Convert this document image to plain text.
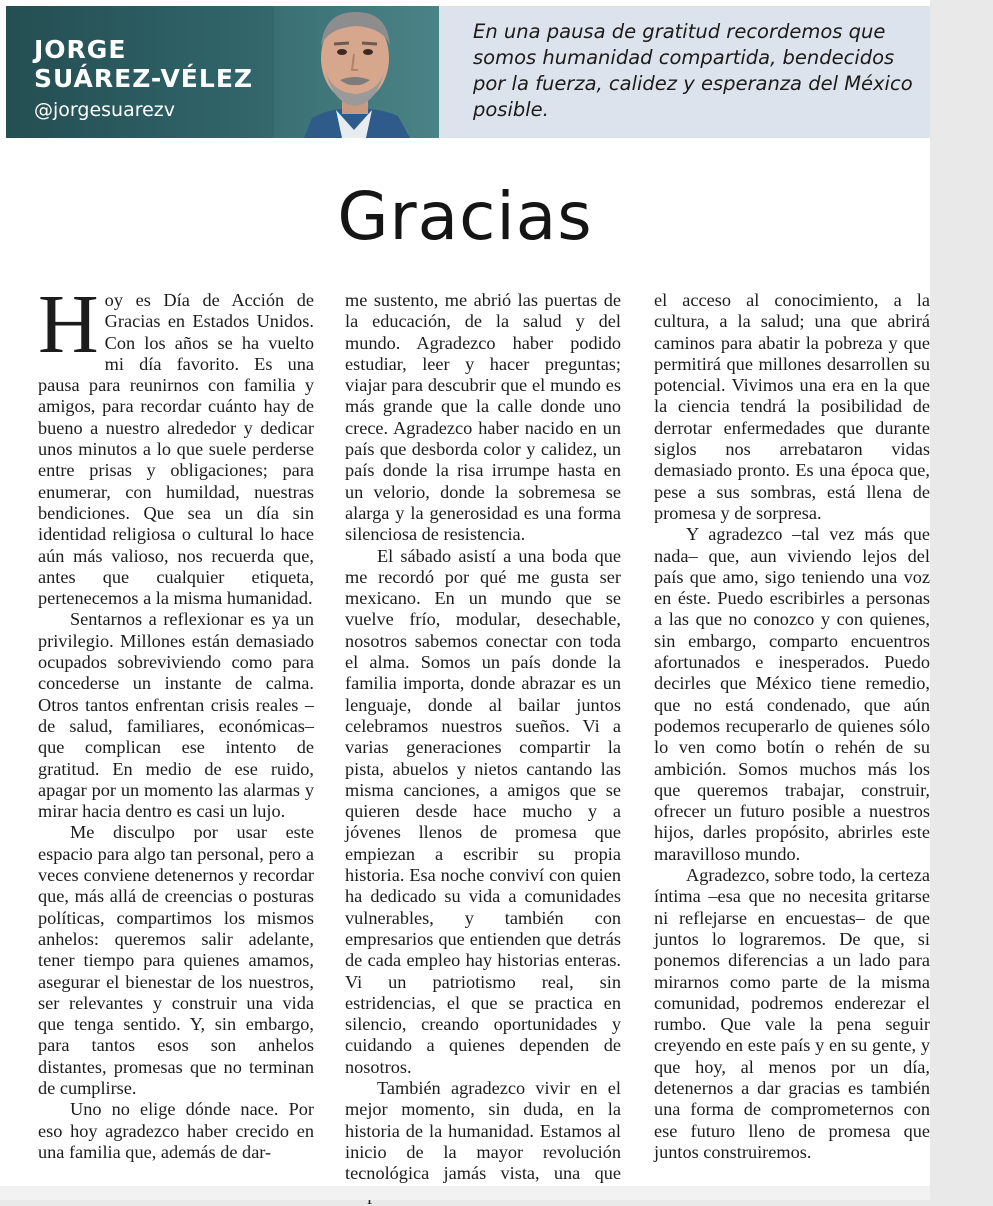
JORGE
SUÁREZ-VÉLEZ
@jorgesuarezv

En una pausa de gratitud recordemos que somos humanidad compartida, bendecidos por la fuerza, calidez y esperanza del México posible.

Gracias

Hoy es Día de Acción de Gracias en Estados Unidos. Con los años se ha vuelto mi día favorito. Es una pausa para reunirnos con familia y amigos, para recordar cuánto hay de bueno a nuestro alrededor y dedicar unos minutos a lo que suele perderse entre prisas y obligaciones; para enumerar, con humildad, nuestras bendiciones. Que sea un día sin identidad religiosa o cultural lo hace aún más valioso, nos recuerda que, antes que cualquier etiqueta, pertenecemos a la misma humanidad.

Sentarnos a reflexionar es ya un privilegio. Millones están demasiado ocupados sobreviviendo como para concederse un instante de calma. Otros tantos enfrentan crisis reales –de salud, familiares, económicas– que complican ese intento de gratitud. En medio de ese ruido, apagar por un momento las alarmas y mirar hacia dentro es casi un lujo.

Me disculpo por usar este espacio para algo tan personal, pero a veces conviene detenernos y recordar que, más allá de creencias o posturas políticas, compartimos los mismos anhelos: queremos salir adelante, tener tiempo para quienes amamos, asegurar el bienestar de los nuestros, ser relevantes y construir una vida que tenga sentido. Y, sin embargo, para tantos esos son anhelos distantes, promesas que no terminan de cumplirse.

Uno no elige dónde nace. Por eso hoy agradezco haber crecido en una familia que, además de dar-

me sustento, me abrió las puertas de la educación, de la salud y del mundo. Agradezco haber podido estudiar, leer y hacer preguntas; viajar para descubrir que el mundo es más grande que la calle donde uno crece. Agradezco haber nacido en un país que desborda color y calidez, un país donde la risa irrumpe hasta en un velorio, donde la sobremesa se alarga y la generosidad es una forma silenciosa de resistencia.

El sábado asistí a una boda que me recordó por qué me gusta ser mexicano. En un mundo que se vuelve frío, modular, desechable, nosotros sabemos conectar con toda el alma. Somos un país donde la familia importa, donde abrazar es un lenguaje, donde al bailar juntos celebramos nuestros sueños. Vi a varias generaciones compartir la pista, abuelos y nietos cantando las misma canciones, a amigos que se quieren desde hace mucho y a jóvenes llenos de promesa que empiezan a escribir su propia historia. Esa noche conviví con quien ha dedicado su vida a comunidades vulnerables, y también con empresarios que entienden que detrás de cada empleo hay historias enteras. Vi un patriotismo real, sin estridencias, el que se practica en silencio, creando oportunidades y cuidando a quienes dependen de nosotros.

También agradezco vivir en el mejor momento, sin duda, en la historia de la humanidad. Estamos al inicio de la mayor revolución tecnológica jamás vista, una que

el acceso al conocimiento, a la cultura, a la salud; una que abrirá caminos para abatir la pobreza y que permitirá que millones desarrollen su potencial. Vivimos una era en la que la ciencia tendrá la posibilidad de derrotar enfermedades que durante siglos nos arrebataron vidas demasiado pronto. Es una época que, pese a sus sombras, está llena de promesa y de sorpresa.

Y agradezco –tal vez más que nada– que, aun viviendo lejos del país que amo, sigo teniendo una voz en éste. Puedo escribirles a personas a las que no conozco y con quienes, sin embargo, comparto encuentros afortunados e inesperados. Puedo decirles que México tiene remedio, que no está condenado, que aún podemos recuperarlo de quienes sólo lo ven como botín o rehén de su ambición. Somos muchos más los que queremos trabajar, construir, ofrecer un futuro posible a nuestros hijos, darles propósito, abrirles este maravilloso mundo.

Agradezco, sobre todo, la certeza íntima –esa que no necesita gritarse ni reflejarse en encuestas– de que juntos lo lograremos. De que, si ponemos diferencias a un lado para mirarnos como parte de la misma comunidad, podremos enderezar el rumbo. Que vale la pena seguir creyendo en este país y en su gente, y que hoy, al menos por un día, detenernos a dar gracias es también una forma de comprometernos con ese futuro lleno de promesa que juntos construiremos.
